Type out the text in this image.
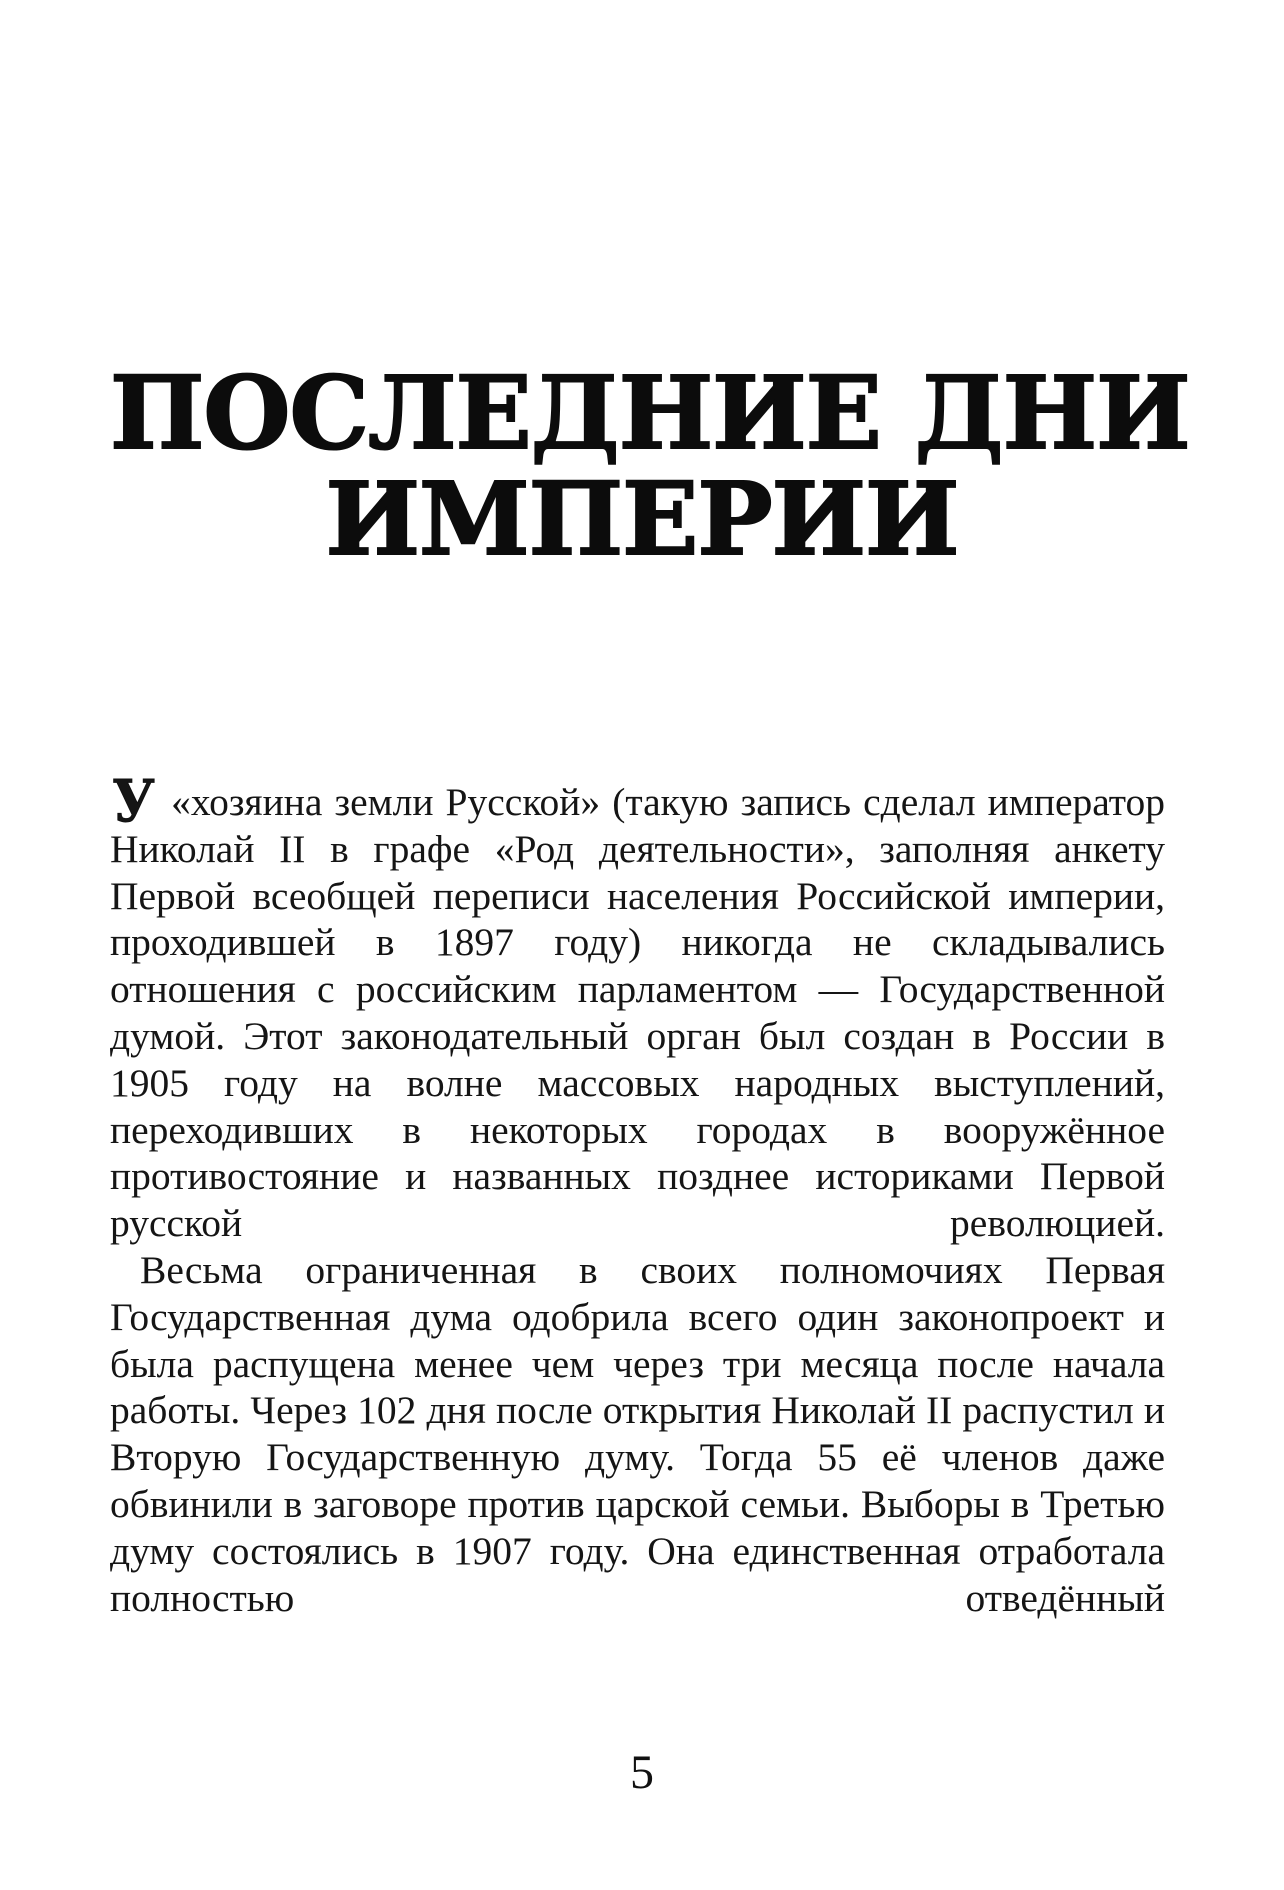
ПОСЛЕДНИЕ ДНИ
ИМПЕРИИ

У «хозяина земли Русской» (такую запись сделал император Николай II в графе «Род деятельности», заполняя анкету Первой всеобщей переписи населения Российской империи, проходившей в 1897 году) никогда не складывались отношения с российским парламентом — Государственной думой. Этот законодательный орган был создан в России в 1905 году на волне массовых народных выступлений, переходивших в некоторых городах в вооружённое противостояние и названных позднее историками Первой русской революцией.

Весьма ограниченная в своих полномочиях Первая Государственная дума одобрила всего один законопроект и была распущена менее чем через три месяца после начала работы. Через 102 дня после открытия Николай II распустил и Вторую Государственную думу. Тогда 55 её членов даже обвинили в заговоре против царской семьи. Выборы в Третью думу состоялись в 1907 году. Она единственная отработала полностью отведённый

5
